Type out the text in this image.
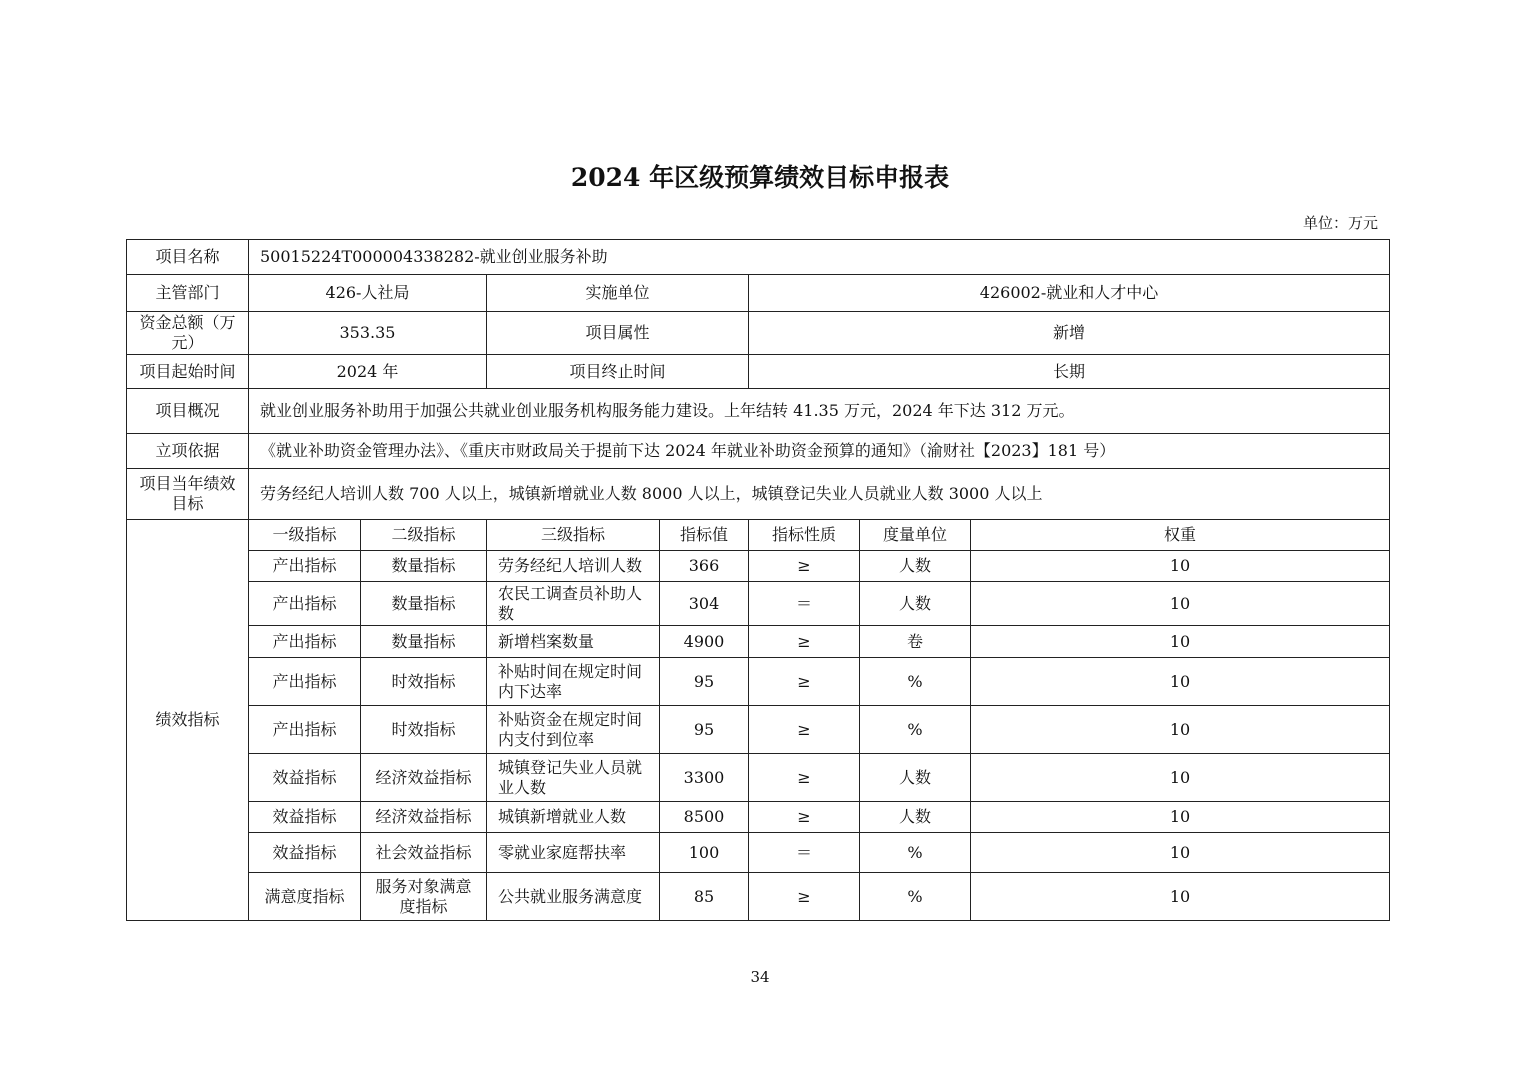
2024 年区级预算绩效目标申报表
单位：万元
项目名称	50015224T000004338282-就业创业服务补助						
主管部门	426-人社局		实施单位		426002-就业和人才中心		
资金总额（万元）	353.35		项目属性		新增		
项目起始时间	2024 年		项目终止时间		长期		
项目概况	就业创业服务补助用于加强公共就业创业服务机构服务能力建设。上年结转 41.35 万元，2024 年下达 312 万元。						
立项依据	《就业补助资金管理办法》、《重庆市财政局关于提前下达 2024 年就业补助资金预算的通知》（渝财社【2023】181 号）						
项目当年绩效目标	劳务经纪人培训人数 700 人以上，城镇新增就业人数 8000 人以上，城镇登记失业人员就业人数 3000 人以上						
绩效指标	一级指标	二级指标	三级指标	指标值	指标性质	度量单位	权重
	产出指标	数量指标	劳务经纪人培训人数	366	≥	人数	10
	产出指标	数量指标	农民工调查员补助人数	304	＝	人数	10
	产出指标	数量指标	新增档案数量	4900	≥	卷	10
	产出指标	时效指标	补贴时间在规定时间内下达率	95	≥	%	10
	产出指标	时效指标	补贴资金在规定时间内支付到位率	95	≥	%	10
	效益指标	经济效益指标	城镇登记失业人员就业人数	3300	≥	人数	10
	效益指标	经济效益指标	城镇新增就业人数	8500	≥	人数	10
	效益指标	社会效益指标	零就业家庭帮扶率	100	＝	%	10
	满意度指标	服务对象满意度指标	公共就业服务满意度	85	≥	%	10
34
